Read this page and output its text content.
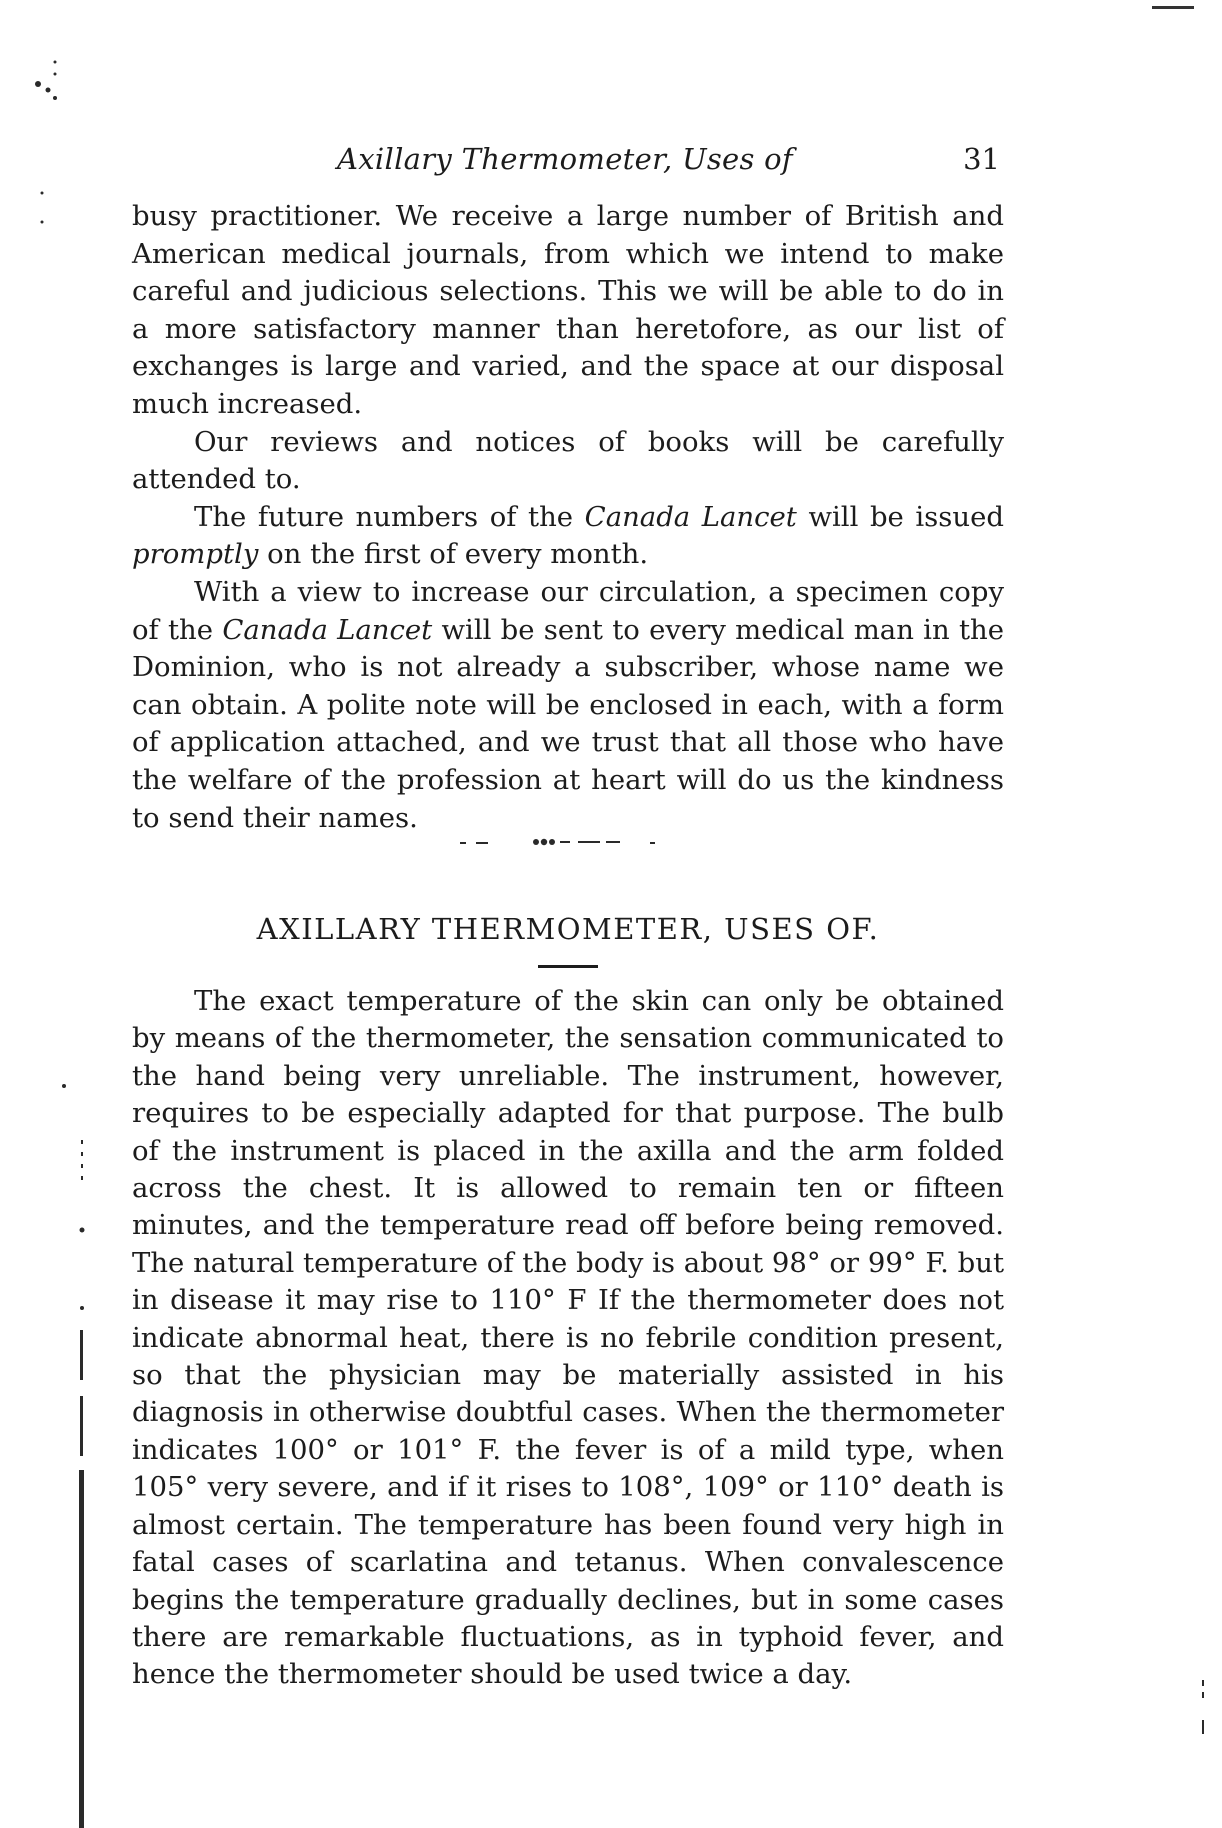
Axillary Thermometer, Uses of	31

busy practitioner. We receive a large number of British and American medical journals, from which we intend to make careful and judicious selections. This we will be able to do in a more satisfactory manner than heretofore, as our list of exchanges is large and varied, and the space at our disposal much increased.

Our reviews and notices of books will be carefully attended to.

The future numbers of the Canada Lancet will be issued promptly on the first of every month.

With a view to increase our circulation, a specimen copy of the Canada Lancet will be sent to every medical man in the Dominion, who is not already a subscriber, whose name we can obtain. A polite note will be enclosed in each, with a form of application attached, and we trust that all those who have the welfare of the profession at heart will do us the kindness to send their names.

AXILLARY THERMOMETER, USES OF.

The exact temperature of the skin can only be obtained by means of the thermometer, the sensation communicated to the hand being very unreliable. The instrument, however, requires to be especially adapted for that purpose. The bulb of the instrument is placed in the axilla and the arm folded across the chest. It is allowed to remain ten or fifteen minutes, and the temperature read off before being removed. The natural temperature of the body is about 98° or 99° F. but in disease it may rise to 110° F If the thermometer does not indicate abnormal heat, there is no febrile condition present, so that the physician may be materially assisted in his diagnosis in otherwise doubtful cases. When the thermometer indicates 100° or 101° F. the fever is of a mild type, when 105° very severe, and if it rises to 108°, 109° or 110° death is almost certain. The temperature has been found very high in fatal cases of scarlatina and tetanus. When convalescence begins the temperature gradually declines, but in some cases there are remarkable fluctuations, as in typhoid fever, and hence the thermometer should be used twice a day.
